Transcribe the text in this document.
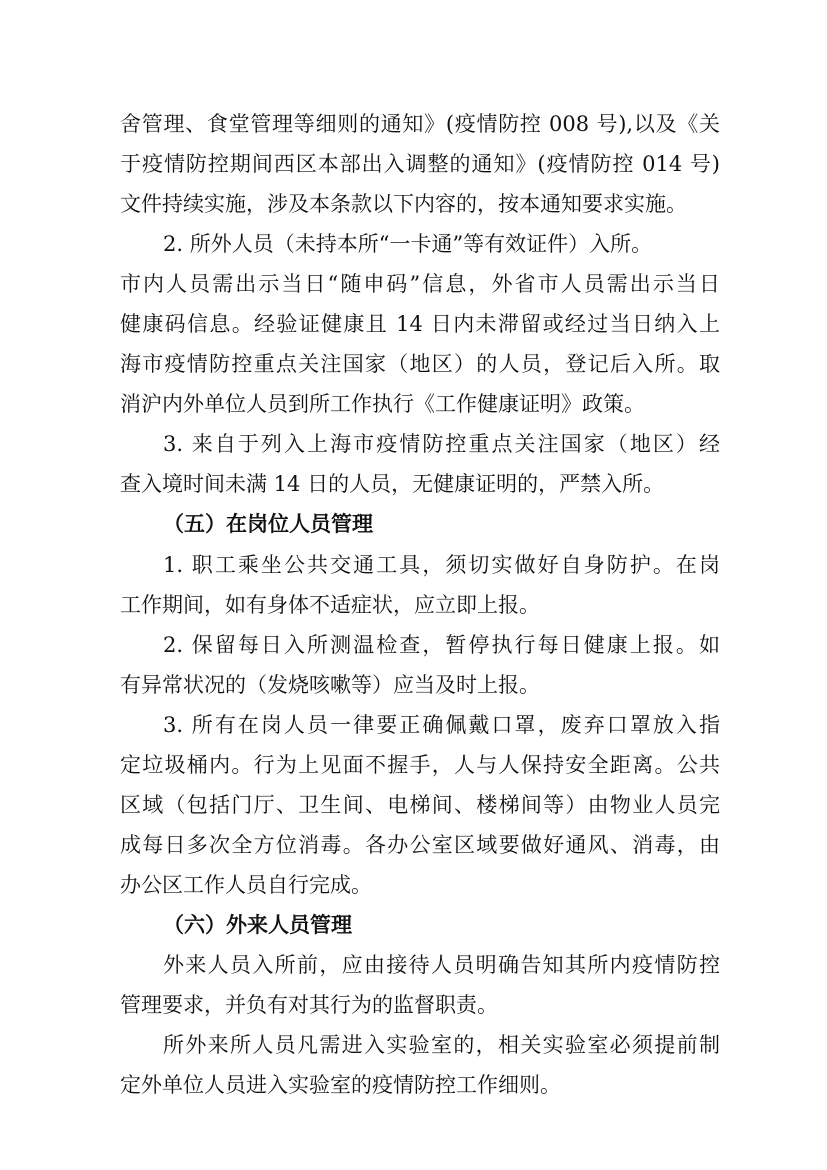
舍管理、食堂管理等细则的通知》(疫情防控 008 号),以及《关
于疫情防控期间西区本部出入调整的通知》(疫情防控 014 号)
文件持续实施，涉及本条款以下内容的，按本通知要求实施。
2. 所外人员（未持本所“一卡通”等有效证件）入所。
市内人员需出示当日“随申码”信息，外省市人员需出示当日
健康码信息。经验证健康且 14 日内未滞留或经过当日纳入上
海市疫情防控重点关注国家（地区）的人员，登记后入所。取
消沪内外单位人员到所工作执行《工作健康证明》政策。
3. 来自于列入上海市疫情防控重点关注国家（地区）经
查入境时间未满 14 日的人员，无健康证明的，严禁入所。
（五）在岗位人员管理
1. 职工乘坐公共交通工具，须切实做好自身防护。在岗
工作期间，如有身体不适症状，应立即上报。
2. 保留每日入所测温检查，暂停执行每日健康上报。如
有异常状况的（发烧咳嗽等）应当及时上报。
3. 所有在岗人员一律要正确佩戴口罩，废弃口罩放入指
定垃圾桶内。行为上见面不握手，人与人保持安全距离。公共
区域（包括门厅、卫生间、电梯间、楼梯间等）由物业人员完
成每日多次全方位消毒。各办公室区域要做好通风、消毒，由
办公区工作人员自行完成。
（六）外来人员管理
外来人员入所前，应由接待人员明确告知其所内疫情防控
管理要求，并负有对其行为的监督职责。
所外来所人员凡需进入实验室的，相关实验室必须提前制
定外单位人员进入实验室的疫情防控工作细则。
